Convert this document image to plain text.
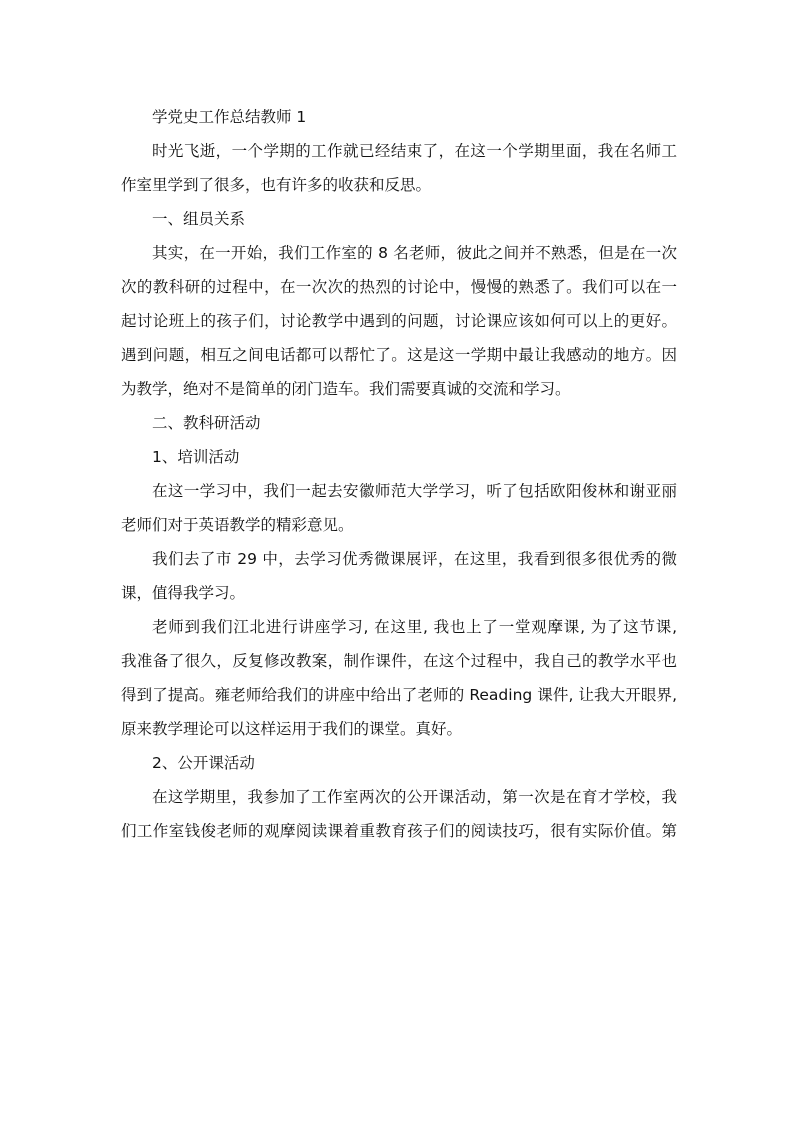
学党史工作总结教师 1
时光飞逝，一个学期的工作就已经结束了，在这一个学期里面，我在名师工
作室里学到了很多，也有许多的收获和反思。
一、组员关系
其实，在一开始，我们工作室的 8 名老师，彼此之间并不熟悉，但是在一次
次的教科研的过程中，在一次次的热烈的讨论中，慢慢的熟悉了。我们可以在一
起讨论班上的孩子们，讨论教学中遇到的问题，讨论课应该如何可以上的更好。
遇到问题，相互之间电话都可以帮忙了。这是这一学期中最让我感动的地方。因
为教学，绝对不是简单的闭门造车。我们需要真诚的交流和学习。
二、教科研活动
1、培训活动
在这一学习中，我们一起去安徽师范大学学习，听了包括欧阳俊林和谢亚丽
老师们对于英语教学的精彩意见。
我们去了市 29 中，去学习优秀微课展评，在这里，我看到很多很优秀的微
课，值得我学习。
老师到我们江北进行讲座学习, 在这里, 我也上了一堂观摩课, 为了这节课,
我准备了很久，反复修改教案，制作课件，在这个过程中，我自己的教学水平也
得到了提高。雍老师给我们的讲座中给出了老师的 Reading 课件, 让我大开眼界,
原来教学理论可以这样运用于我们的课堂。真好。
2、公开课活动
在这学期里，我参加了工作室两次的公开课活动，第一次是在育才学校，我
们工作室钱俊老师的观摩阅读课着重教育孩子们的阅读技巧，很有实际价值。第
